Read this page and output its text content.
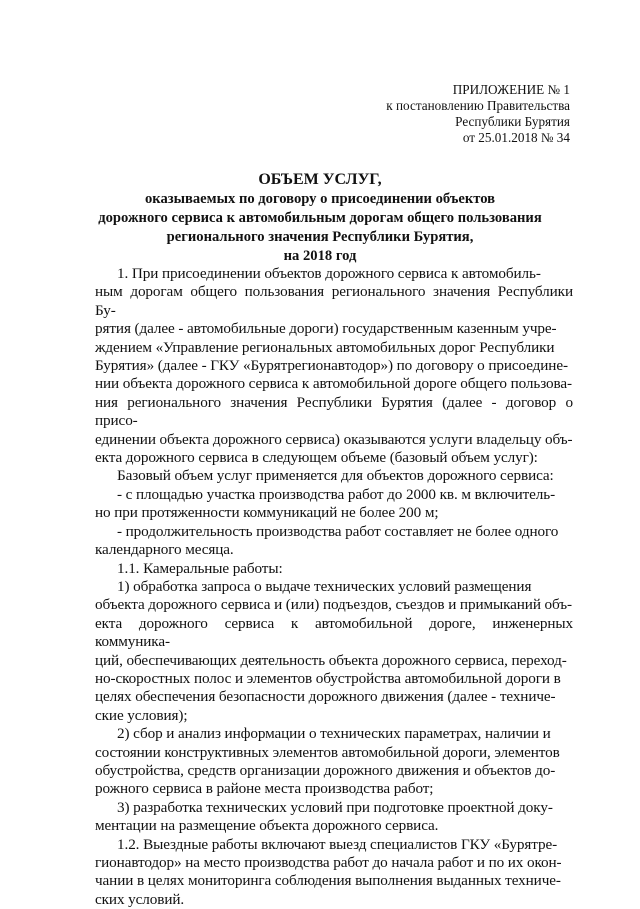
ПРИЛОЖЕНИЕ № 1
к постановлению Правительства
Республики Бурятия
от 25.01.2018 № 34
ОБЪЕМ УСЛУГ,
оказываемых по договору о присоединении объектов
дорожного сервиса к автомобильным дорогам общего пользования
регионального значения Республики Бурятия,
на 2018 год

1. При присоединении объектов дорожного сервиса к автомобиль-
ным дорогам общего пользования регионального значения Республики Бу-
рятия (далее - автомобильные дороги) государственным казенным учре-
ждением «Управление региональных автомобильных дорог Республики
Бурятия» (далее - ГКУ «Бурятрегионавтодор») по договору о присоедине-
нии объекта дорожного сервиса к автомобильной дороге общего пользова-
ния регионального значения Республики Бурятия (далее - договор о присо-
единении объекта дорожного сервиса) оказываются услуги владельцу объ-
екта дорожного сервиса в следующем объеме (базовый объем услуг):

Базовый объем услуг применяется для объектов дорожного сервиса:

- с площадью участка производства работ до 2000 кв. м включитель-
но при протяженности коммуникаций не более 200 м;

- продолжительность производства работ составляет не более одного
календарного месяца.

1.1. Камеральные работы:

1) обработка запроса о выдаче технических условий размещения
объекта дорожного сервиса и (или) подъездов, съездов и примыканий объ-
екта дорожного сервиса к автомобильной дороге, инженерных коммуника-
ций, обеспечивающих деятельность объекта дорожного сервиса, переход-
но-скоростных полос и элементов обустройства автомобильной дороги в
целях обеспечения безопасности дорожного движения (далее - техниче-
ские условия);

2) сбор и анализ информации о технических параметрах, наличии и
состоянии конструктивных элементов автомобильной дороги, элементов
обустройства, средств организации дорожного движения и объектов до-
рожного сервиса в районе места производства работ;

3) разработка технических условий при подготовке проектной доку-
ментации на размещение объекта дорожного сервиса.

1.2. Выездные работы включают выезд специалистов ГКУ «Бурятре-
гионавтодор» на место производства работ до начала работ и по их окон-
чании в целях мониторинга соблюдения выполнения выданных техниче-
ских условий.
